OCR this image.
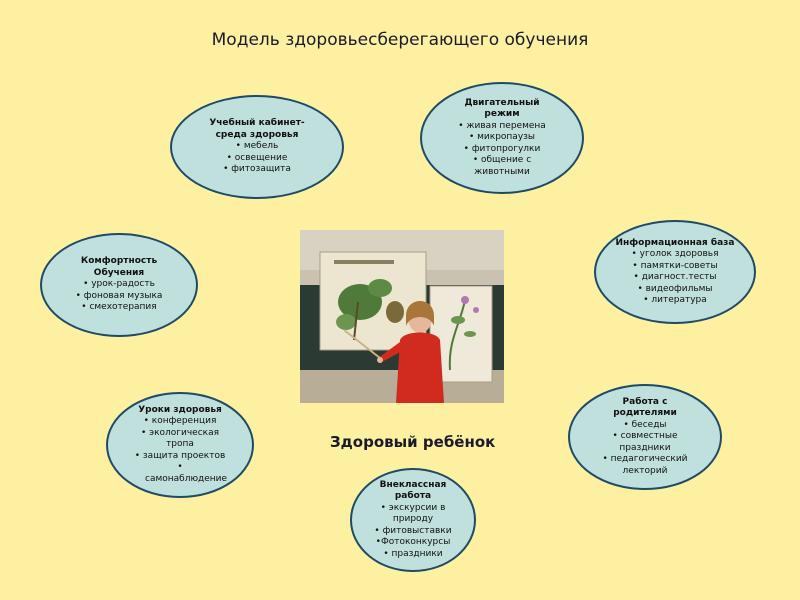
Модель здоровьесберегающего обучения
Учебный кабинет-среда здоровья
• мебель
• освещение
• фитозащита
Двигательный режим
• живая перемена
• микропаузы
• фитопрогулки
• общение с животными
Информационная база
• уголок здоровья
• памятки-советы
• диагност.тесты
• видеофильмы
• литература
Комфортность Обучения
• урок-радость
• фоновая музыка
• смехотерапия
Уроки здоровья
• конференция
• экологическая тропа
• защита проектов
• самонаблюдение
Здоровый ребёнок
Внеклассная работа
• экскурсии в природу
• фитовыставки
•Фотоконкурсы
• праздники
Работа с родителями
• беседы
• совместные праздники
• педагогический лекторий
